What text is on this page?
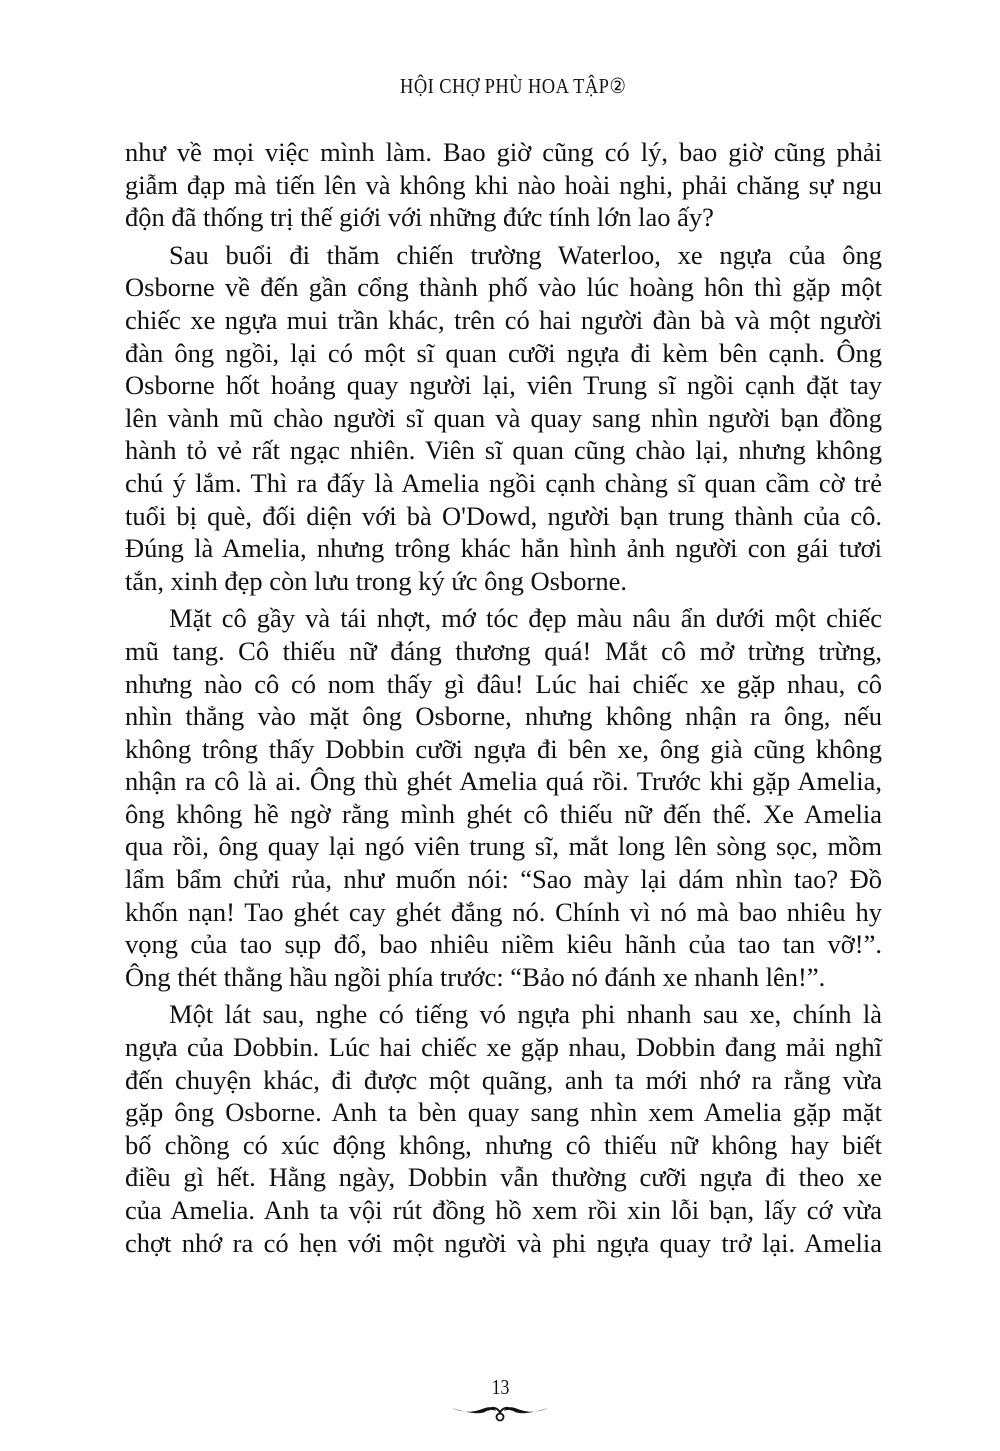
HỘI CHỢ PHÙ HOA TẬP②
như về mọi việc mình làm. Bao giờ cũng có lý, bao giờ cũng phải
giẫm đạp mà tiến lên và không khi nào hoài nghi, phải chăng sự ngu
độn đã thống trị thế giới với những đức tính lớn lao ấy?
Sau buổi đi thăm chiến trường Waterloo, xe ngựa của ông
Osborne về đến gần cổng thành phố vào lúc hoàng hôn thì gặp một
chiếc xe ngựa mui trần khác, trên có hai người đàn bà và một người
đàn ông ngồi, lại có một sĩ quan cưỡi ngựa đi kèm bên cạnh. Ông
Osborne hốt hoảng quay người lại, viên Trung sĩ ngồi cạnh đặt tay
lên vành mũ chào người sĩ quan và quay sang nhìn người bạn đồng
hành tỏ vẻ rất ngạc nhiên. Viên sĩ quan cũng chào lại, nhưng không
chú ý lắm. Thì ra đấy là Amelia ngồi cạnh chàng sĩ quan cầm cờ trẻ
tuổi bị què, đối diện với bà O'Dowd, người bạn trung thành của cô.
Đúng là Amelia, nhưng trông khác hẳn hình ảnh người con gái tươi
tắn, xinh đẹp còn lưu trong ký ức ông Osborne.
Mặt cô gầy và tái nhợt, mớ tóc đẹp màu nâu ẩn dưới một chiếc
mũ tang. Cô thiếu nữ đáng thương quá! Mắt cô mở trừng trừng,
nhưng nào cô có nom thấy gì đâu! Lúc hai chiếc xe gặp nhau, cô
nhìn thẳng vào mặt ông Osborne, nhưng không nhận ra ông, nếu
không trông thấy Dobbin cưỡi ngựa đi bên xe, ông già cũng không
nhận ra cô là ai. Ông thù ghét Amelia quá rồi. Trước khi gặp Amelia,
ông không hề ngờ rằng mình ghét cô thiếu nữ đến thế. Xe Amelia
qua rồi, ông quay lại ngó viên trung sĩ, mắt long lên sòng sọc, mồm
lẩm bẩm chửi rủa, như muốn nói: “Sao mày lại dám nhìn tao? Đồ
khốn nạn! Tao ghét cay ghét đắng nó. Chính vì nó mà bao nhiêu hy
vọng của tao sụp đổ, bao nhiêu niềm kiêu hãnh của tao tan vỡ!”.
Ông thét thằng hầu ngồi phía trước: “Bảo nó đánh xe nhanh lên!”.
Một lát sau, nghe có tiếng vó ngựa phi nhanh sau xe, chính là
ngựa của Dobbin. Lúc hai chiếc xe gặp nhau, Dobbin đang mải nghĩ
đến chuyện khác, đi được một quãng, anh ta mới nhớ ra rằng vừa
gặp ông Osborne. Anh ta bèn quay sang nhìn xem Amelia gặp mặt
bố chồng có xúc động không, nhưng cô thiếu nữ không hay biết
điều gì hết. Hằng ngày, Dobbin vẫn thường cưỡi ngựa đi theo xe
của Amelia. Anh ta vội rút đồng hồ xem rồi xin lỗi bạn, lấy cớ vừa
chợt nhớ ra có hẹn với một người và phi ngựa quay trở lại. Amelia
13
